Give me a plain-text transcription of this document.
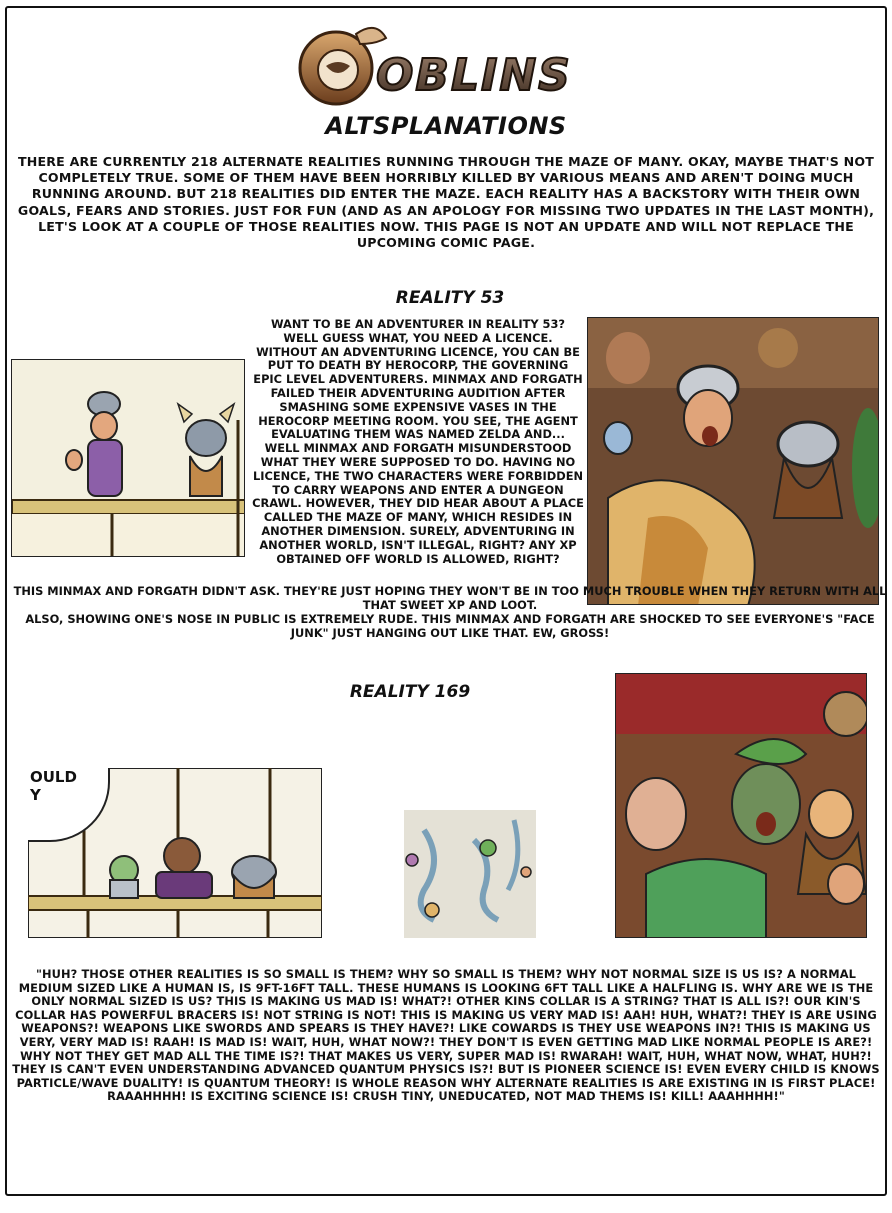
OBLINS
ALTSPLANATIONS

THERE ARE CURRENTLY 218 ALTERNATE REALITIES RUNNING THROUGH THE MAZE OF MANY. OKAY, MAYBE THAT'S NOT COMPLETELY TRUE. SOME OF THEM HAVE BEEN HORRIBLY KILLED BY VARIOUS MEANS AND AREN'T DOING MUCH RUNNING AROUND. BUT 218 REALITIES DID ENTER THE MAZE. EACH REALITY HAS A BACKSTORY WITH THEIR OWN GOALS, FEARS AND STORIES. JUST FOR FUN (AND AS AN APOLOGY FOR MISSING TWO UPDATES IN THE LAST MONTH), LET'S LOOK AT A COUPLE OF THOSE REALITIES NOW. THIS PAGE IS NOT AN UPDATE AND WILL NOT REPLACE THE UPCOMING COMIC PAGE.

REALITY 53

WANT TO BE AN ADVENTURER IN REALITY 53? WELL GUESS WHAT, YOU NEED A LICENCE. WITHOUT AN ADVENTURING LICENCE, YOU CAN BE PUT TO DEATH BY HEROCORP, THE GOVERNING EPIC LEVEL ADVENTURERS. MINMAX AND FORGATH FAILED THEIR ADVENTURING AUDITION AFTER SMASHING SOME EXPENSIVE VASES IN THE HEROCORP MEETING ROOM. YOU SEE, THE AGENT EVALUATING THEM WAS NAMED ZELDA AND... WELL MINMAX AND FORGATH MISUNDERSTOOD WHAT THEY WERE SUPPOSED TO DO. HAVING NO LICENCE, THE TWO CHARACTERS WERE FORBIDDEN TO CARRY WEAPONS AND ENTER A DUNGEON CRAWL. HOWEVER, THEY DID HEAR ABOUT A PLACE CALLED THE MAZE OF MANY, WHICH RESIDES IN ANOTHER DIMENSION. SURELY, ADVENTURING IN ANOTHER WORLD, ISN'T ILLEGAL, RIGHT? ANY XP OBTAINED OFF WORLD IS ALLOWED, RIGHT?

THIS MINMAX AND FORGATH DIDN'T ASK. THEY'RE JUST HOPING THEY WON'T BE IN TOO MUCH TROUBLE WHEN THEY RETURN WITH ALL THAT SWEET XP AND LOOT.
ALSO, SHOWING ONE'S NOSE IN PUBLIC IS EXTREMELY RUDE. THIS MINMAX AND FORGATH ARE SHOCKED TO SEE EVERYONE'S "FACE JUNK" JUST HANGING OUT LIKE THAT. EW, GROSS!

REALITY 169
OULD
Y

"HUH? THOSE OTHER REALITIES IS SO SMALL IS THEM? WHY SO SMALL IS THEM? WHY NOT NORMAL SIZE IS US IS? A NORMAL MEDIUM SIZED LIKE A HUMAN IS, IS 9FT-16FT TALL. THESE HUMANS IS LOOKING 6FT TALL LIKE A HALFLING IS. WHY ARE WE IS THE ONLY NORMAL SIZED IS US? THIS IS MAKING US MAD IS! WHAT?! OTHER KINS COLLAR IS A STRING? THAT IS ALL IS?! OUR KIN'S COLLAR HAS POWERFUL BRACERS IS! NOT STRING IS NOT! THIS IS MAKING US VERY MAD IS! AAH! HUH, WHAT?! THEY IS ARE USING WEAPONS?! WEAPONS LIKE SWORDS AND SPEARS IS THEY HAVE?! LIKE COWARDS IS THEY USE WEAPONS IN?! THIS IS MAKING US VERY, VERY MAD IS! RAAH! IS MAD IS! WAIT, HUH, WHAT NOW?! THEY DON'T IS EVEN GETTING MAD LIKE NORMAL PEOPLE IS ARE?! WHY NOT THEY GET MAD ALL THE TIME IS?! THAT MAKES US VERY, SUPER MAD IS! RWARAH! WAIT, HUH, WHAT NOW, WHAT, HUH?! THEY IS CAN'T EVEN UNDERSTANDING ADVANCED QUANTUM PHYSICS IS?! BUT IS PIONEER SCIENCE IS! EVEN EVERY CHILD IS KNOWS PARTICLE/WAVE DUALITY! IS QUANTUM THEORY! IS WHOLE REASON WHY ALTERNATE REALITIES IS ARE EXISTING IN IS FIRST PLACE! RAAAHHHH! IS EXCITING SCIENCE IS! CRUSH TINY, UNEDUCATED, NOT MAD THEMS IS! KILL! AAAHHHH!"
